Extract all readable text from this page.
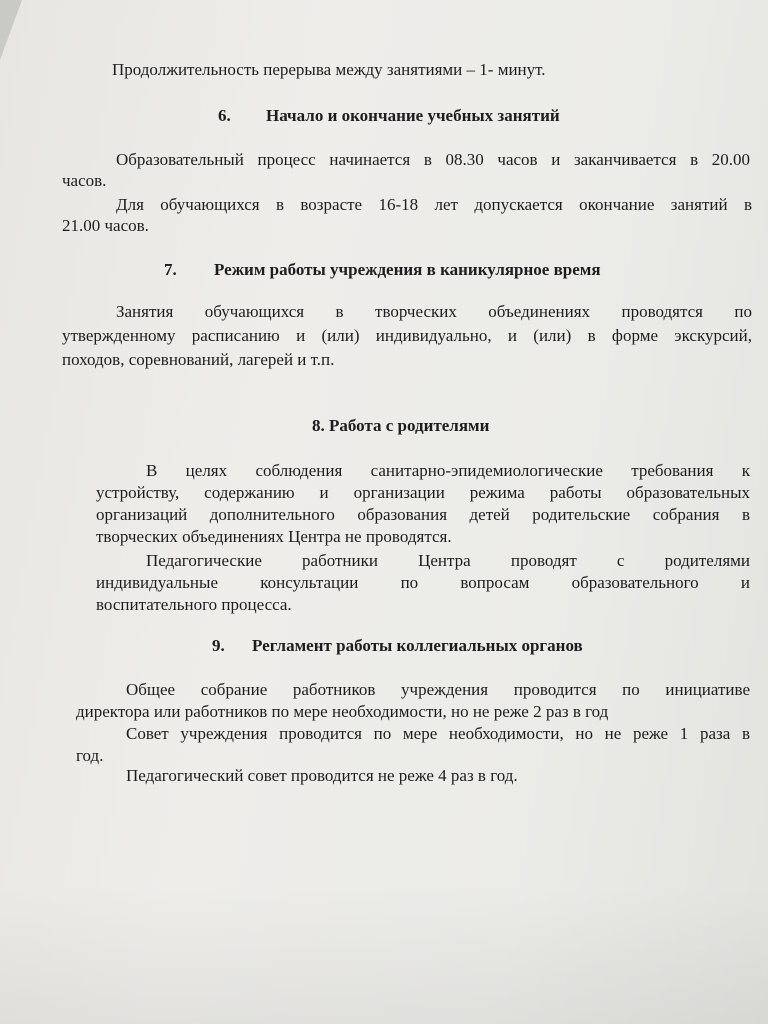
Продолжительность перерыва между занятиями – 1- минут.
6. Начало и окончание учебных занятий
Образовательный процесс начинается в 08.30 часов и заканчивается в 20.00
часов.
Для обучающихся в возрасте 16-18 лет допускается окончание занятий в
21.00 часов.
7. Режим работы учреждения в каникулярное время
Занятия обучающихся в творческих объединениях проводятся по
утвержденному расписанию и (или) индивидуально, и (или) в форме экскурсий,
походов, соревнований, лагерей и т.п.
8. Работа с родителями
В целях соблюдения санитарно-эпидемиологические требования к
устройству, содержанию и организации режима работы образовательных
организаций дополнительного образования детей родительские собрания в
творческих объединениях Центра не проводятся.
Педагогические работники Центра проводят с родителями
индивидуальные консультации по вопросам образовательного и
воспитательного процесса.
9. Регламент работы коллегиальных органов
Общее собрание работников учреждения проводится по инициативе
директора или работников по мере необходимости, но не реже 2 раз в год
Совет учреждения проводится по мере необходимости, но не реже 1 раза в
год.
Педагогический совет проводится не реже 4 раз в год.
